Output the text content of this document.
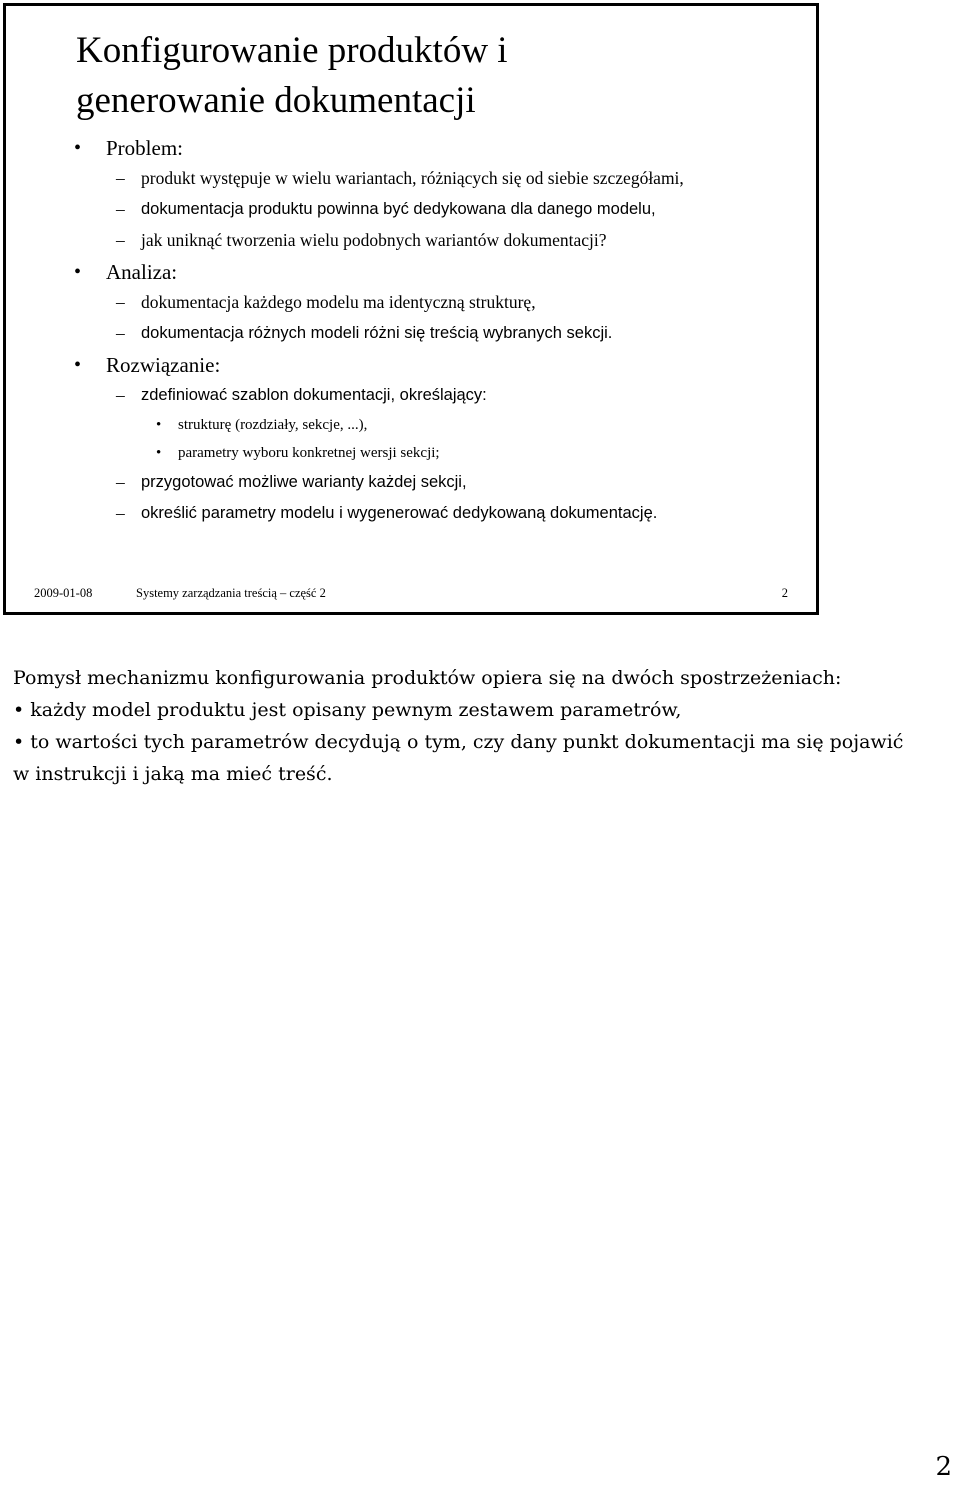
Konfigurowanie produktów i
generowanie dokumentacji
• Problem:
– produkt występuje w wielu wariantach, różniących się od siebie szczegółami,
– dokumentacja produktu powinna być dedykowana dla danego modelu,
– jak uniknąć tworzenia wielu podobnych wariantów dokumentacji?
• Analiza:
– dokumentacja każdego modelu ma identyczną strukturę,
– dokumentacja różnych modeli różni się treścią wybranych sekcji.
• Rozwiązanie:
– zdefiniować szablon dokumentacji, określający:
• strukturę (rozdziały, sekcje, ...),
• parametry wyboru konkretnej wersji sekcji;
– przygotować możliwe warianty każdej sekcji,
– określić parametry modelu i wygenerować dedykowaną dokumentację.
2009-01-08	Systemy zarządzania treścią – część 2	2

Pomysł mechanizmu konfigurowania produktów opiera się na dwóch spostrzeżeniach:

• każdy model produktu jest opisany pewnym zestawem parametrów,

• to wartości tych parametrów decydują o tym, czy dany punkt dokumentacji ma się pojawić w instrukcji i jaką ma mieć treść.

2
